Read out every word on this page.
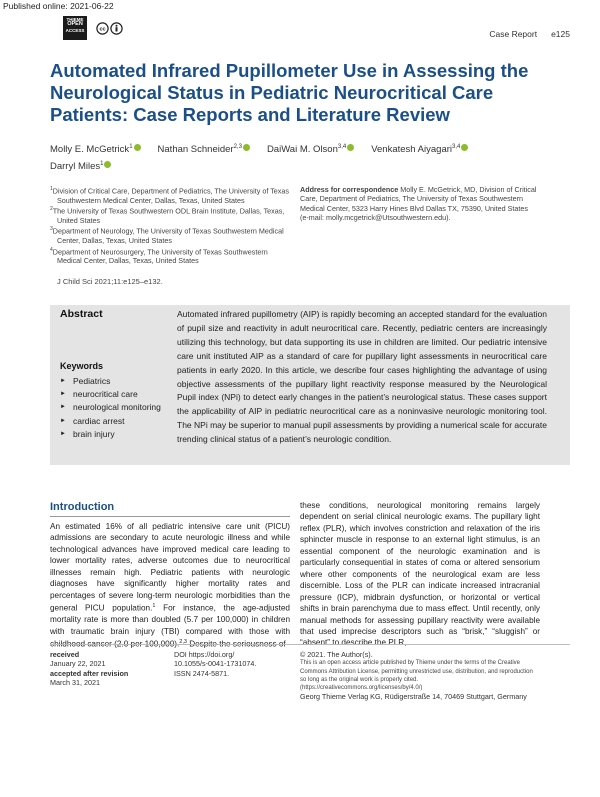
Published online: 2021-06-22
THIEME
OPEN
ACCESS	cc	Case Report e125
Automated Infrared Pupillometer Use in Assessing the Neurological Status in Pediatric Neurocritical Care Patients: Case Reports and Literature Review
Molly E. McGetrick$^1$	Nathan Schneider$^{2,3}$	DaiWai M. Olson$^{3,4}$	Venkatesh Aiyagari$^{3,4}$
Darryl Miles$^1$
$^1$Division of Critical Care, Department of Pediatrics, The University of Texas Southwestern Medical Center, Dallas, Texas, United States
$^2$The University of Texas Southwestern ODL Brain Institute, Dallas, Texas, United States
$^3$Department of Neurology, The University of Texas Southwestern Medical Center, Dallas, Texas, United States
$^4$Department of Neurosurgery, The University of Texas Southwestern Medical Center, Dallas, Texas, United States
Address for correspondence Molly E. McGetrick, MD, Division of Critical Care, Department of Pediatrics, The University of Texas Southwestern Medical Center, 5323 Harry Hines Blvd Dallas TX, 75390, United States
(e-mail: molly.mcgetrick@Utsouthwestern.edu).
J Child Sci 2021;11:e125–e132.
Abstract	Automated infrared pupillometry (AIP) is rapidly becoming an accepted standard for the evaluation of pupil size and reactivity in adult neurocritical care. Recently, pediatric centers are increasingly utilizing this technology, but data supporting its use in children are limited. Our pediatric intensive care unit instituted AIP as a standard of care for pupillary light assessments in neurocritical care patients in early 2020. In this article, we describe four cases highlighting the advantage of using objective assessments of the pupillary light reactivity response measured by the Neurological Pupil index (NPi) to detect early changes in the patient’s neurological status. These cases support the applicability of AIP in pediatric neurocritical care as a noninvasive neurologic monitoring tool. The NPi may be superior to manual pupil assessments by providing a numerical scale for accurate trending clinical status of a patient’s neurologic condition.
Keywords
► Pediatrics
► neurocritical care
► neurological monitoring
► cardiac arrest
► brain injury
Introduction
An estimated 16% of all pediatric intensive care unit (PICU) admissions are secondary to acute neurologic illness and while technological advances have improved medical care leading to lower mortality rates, adverse outcomes due to neurocritical illnesses remain high. Pediatric patients with neurologic diagnoses have significantly higher mortality rates and percentages of severe long-term neurologic morbidities than the general PICU population.$^1$ For instance, the age-adjusted mortality rate is more than doubled (5.7 per 100,000) in children with traumatic brain injury (TBI) compared with those with childhood cancer (2.0 per 100,000).$^{2,3}$ Despite the seriousness of
these conditions, neurological monitoring remains largely dependent on serial clinical neurologic exams. The pupillary light reflex (PLR), which involves constriction and relaxation of the iris sphincter muscle in response to an external light stimulus, is an essential component of the neurologic examination and is particularly consequential in states of coma or altered sensorium where other components of the neurological exam are less discernible. Loss of the PLR can indicate increased intracranial pressure (ICP), midbrain dysfunction, or horizontal or vertical shifts in brain parenchyma due to mass effect. Until recently, only manual methods for assessing pupillary reactivity were available that used imprecise descriptors such as “brisk,” “sluggish” or “absent” to describe the PLR,
received
January 22, 2021
accepted after revision
March 31, 2021
DOI https://doi.org/
10.1055/s-0041-1731074.
ISSN 2474-5871.
© 2021. The Author(s).

This is an open access article published by Thieme under the terms of the Creative Commons Attribution License, permitting unrestricted use, distribution, and reproduction so long as the original work is properly cited. (https://creativecommons.org/licenses/by/4.0/)
Georg Thieme Verlag KG, Rüdigerstraße 14, 70469 Stuttgart, Germany
